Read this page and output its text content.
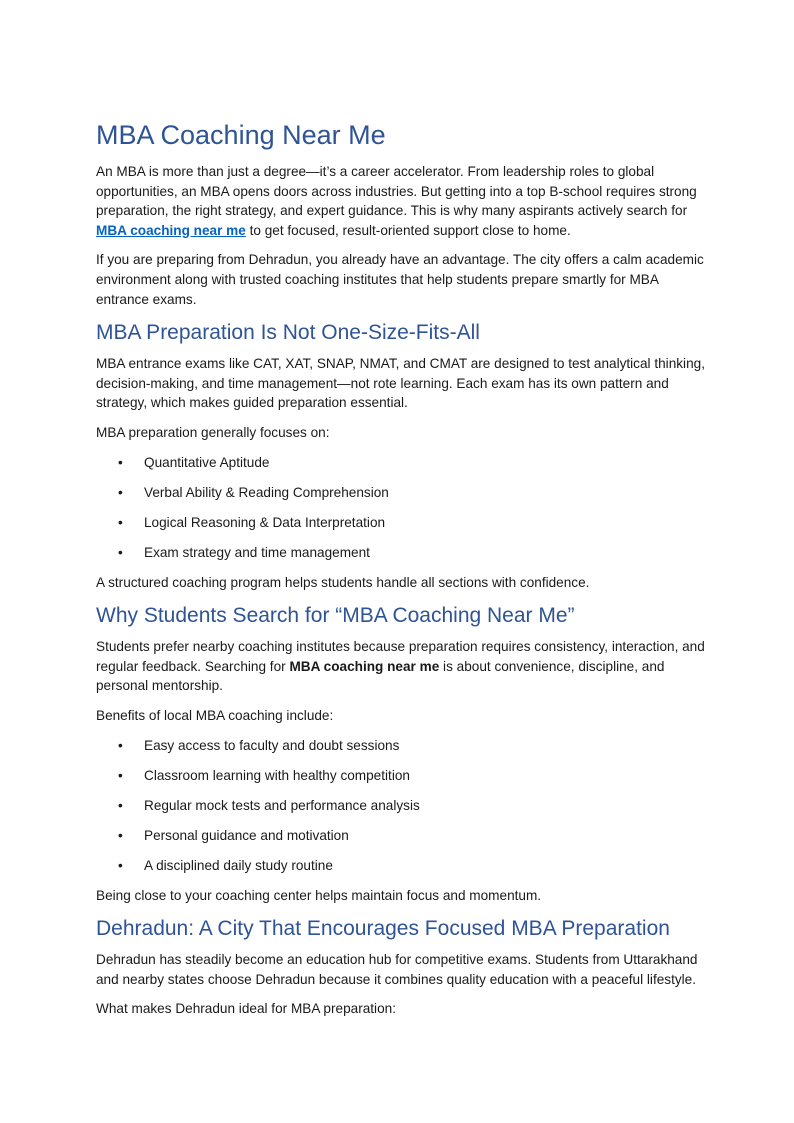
MBA Coaching Near Me

An MBA is more than just a degree—it’s a career accelerator. From leadership roles to global opportunities, an MBA opens doors across industries. But getting into a top B-school requires strong preparation, the right strategy, and expert guidance. This is why many aspirants actively search for MBA coaching near me to get focused, result-oriented support close to home.

If you are preparing from Dehradun, you already have an advantage. The city offers a calm academic environment along with trusted coaching institutes that help students prepare smartly for MBA entrance exams.

MBA Preparation Is Not One-Size-Fits-All

MBA entrance exams like CAT, XAT, SNAP, NMAT, and CMAT are designed to test analytical thinking, decision-making, and time management—not rote learning. Each exam has its own pattern and strategy, which makes guided preparation essential.

MBA preparation generally focuses on:

• Quantitative Aptitude
• Verbal Ability & Reading Comprehension
• Logical Reasoning & Data Interpretation
• Exam strategy and time management

A structured coaching program helps students handle all sections with confidence.

Why Students Search for “MBA Coaching Near Me”

Students prefer nearby coaching institutes because preparation requires consistency, interaction, and regular feedback. Searching for MBA coaching near me is about convenience, discipline, and personal mentorship.

Benefits of local MBA coaching include:

• Easy access to faculty and doubt sessions
• Classroom learning with healthy competition
• Regular mock tests and performance analysis
• Personal guidance and motivation
• A disciplined daily study routine

Being close to your coaching center helps maintain focus and momentum.

Dehradun: A City That Encourages Focused MBA Preparation

Dehradun has steadily become an education hub for competitive exams. Students from Uttarakhand and nearby states choose Dehradun because it combines quality education with a peaceful lifestyle.

What makes Dehradun ideal for MBA preparation:
